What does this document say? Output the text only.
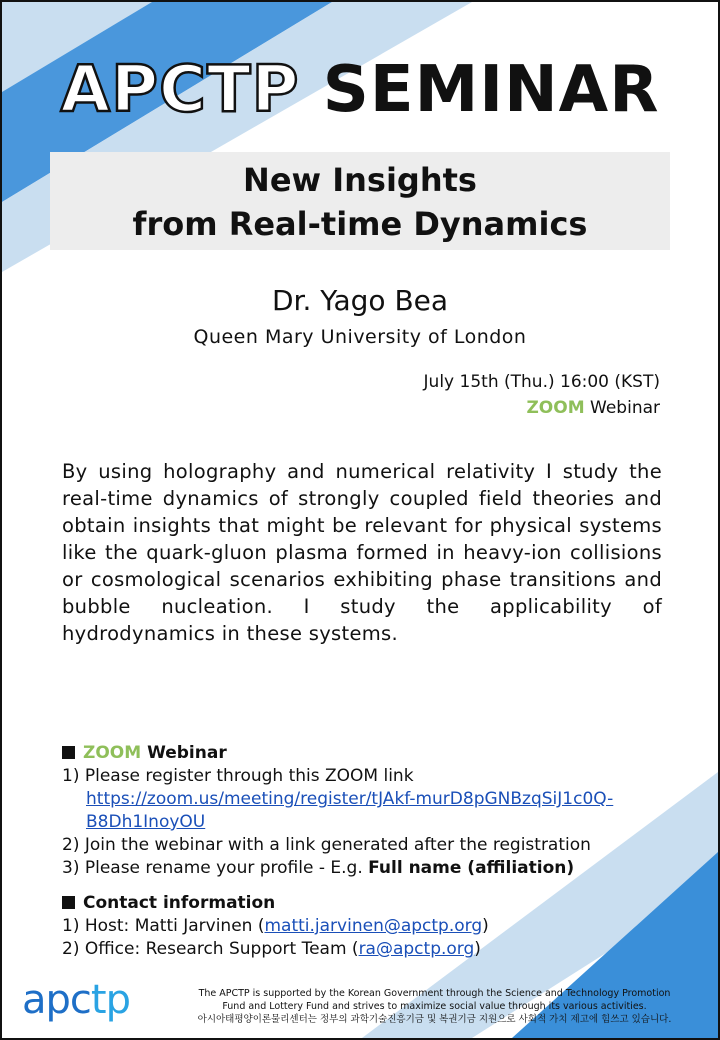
APCTP SEMINAR
New Insights
from Real-time Dynamics
Dr. Yago Bea
Queen Mary University of London
July 15th (Thu.) 16:00 (KST)
ZOOM Webinar
By using holography and numerical relativity I study the real-time dynamics of strongly coupled field theories and obtain insights that might be relevant for physical systems like the quark-gluon plasma formed in heavy-ion collisions or cosmological scenarios exhibiting phase transitions and bubble nucleation. I study the applicability of hydrodynamics in these systems.
ZOOM Webinar
1) Please register through this ZOOM link
https://zoom.us/meeting/register/tJAkf-murD8pGNBzqSiJ1c0Q-
B8Dh1InoyOU
2) Join the webinar with a link generated after the registration
3) Please rename your profile - E.g. Full name (affiliation)
Contact information
1) Host: Matti Jarvinen (matti.jarvinen@apctp.org)
2) Office: Research Support Team (ra@apctp.org)
apctp	The APCTP is supported by the Korean Government through the Science and Technology Promotion
Fund and Lottery Fund and strives to maximize social value through its various activities.
아시아태평양이론물리센터는 정부의 과학기술진흥기금 및 복권기금 지원으로 사회적 가치 제고에 힘쓰고 있습니다.
